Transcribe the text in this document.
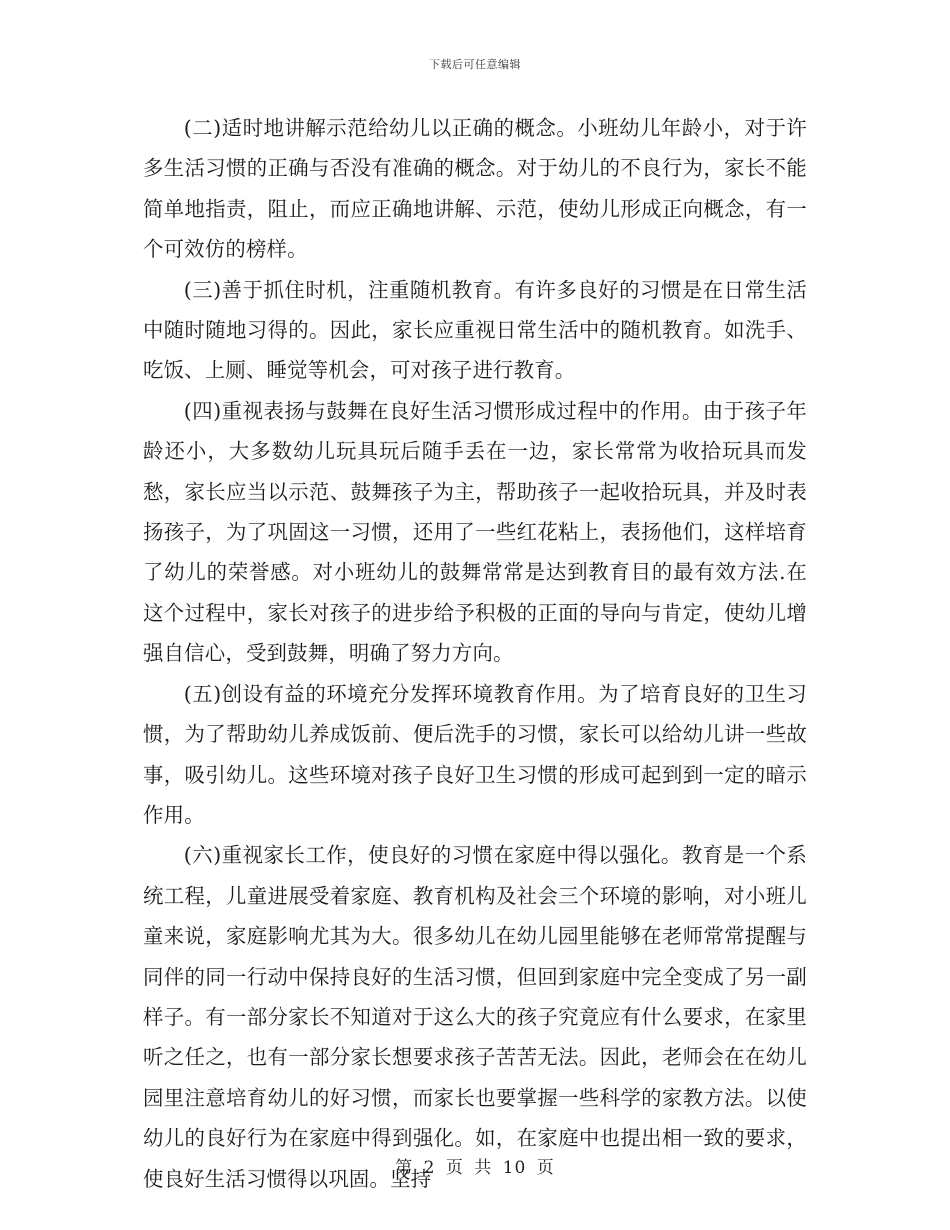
下载后可任意编辑

(二)适时地讲解示范给幼儿以正确的概念。小班幼儿年龄小，对于许多生活习惯的正确与否没有准确的概念。对于幼儿的不良行为，家长不能简单地指责，阻止，而应正确地讲解、示范，使幼儿形成正向概念，有一个可效仿的榜样。

(三)善于抓住时机，注重随机教育。有许多良好的习惯是在日常生活中随时随地习得的。因此，家长应重视日常生活中的随机教育。如洗手、吃饭、上厕、睡觉等机会，可对孩子进行教育。

(四)重视表扬与鼓舞在良好生活习惯形成过程中的作用。由于孩子年龄还小，大多数幼儿玩具玩后随手丢在一边，家长常常为收拾玩具而发愁，家长应当以示范、鼓舞孩子为主，帮助孩子一起收拾玩具，并及时表扬孩子，为了巩固这一习惯，还用了一些红花粘上，表扬他们，这样培育了幼儿的荣誉感。对小班幼儿的鼓舞常常是达到教育目的最有效方法.在这个过程中，家长对孩子的进步给予积极的正面的导向与肯定，使幼儿增强自信心，受到鼓舞，明确了努力方向。

(五)创设有益的环境充分发挥环境教育作用。为了培育良好的卫生习惯，为了帮助幼儿养成饭前、便后洗手的习惯，家长可以给幼儿讲一些故事，吸引幼儿。这些环境对孩子良好卫生习惯的形成可起到到一定的暗示作用。

(六)重视家长工作，使良好的习惯在家庭中得以强化。教育是一个系统工程，儿童进展受着家庭、教育机构及社会三个环境的影响，对小班儿童来说，家庭影响尤其为大。很多幼儿在幼儿园里能够在老师常常提醒与同伴的同一行动中保持良好的生活习惯，但回到家庭中完全变成了另一副样子。有一部分家长不知道对于这么大的孩子究竟应有什么要求，在家里听之任之，也有一部分家长想要求孩子苦苦无法。因此，老师会在在幼儿园里注意培育幼儿的好习惯，而家长也要掌握一些科学的家教方法。以使幼儿的良好行为在家庭中得到强化。如，在家庭中也提出相一致的要求，使良好生活习惯得以巩固。坚持

第 2 页 共 10 页
